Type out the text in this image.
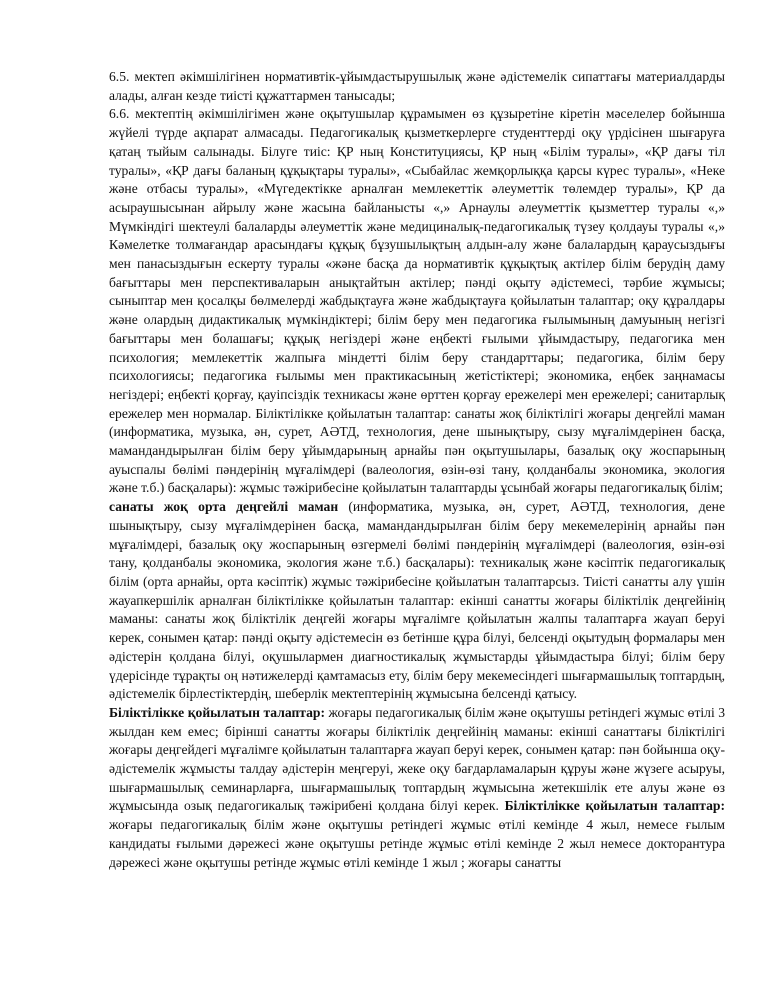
6.5. мектеп әкімшілігінен нормативтік-ұйымдастырушылық және әдістемелік сипаттағы материалдарды алады, алған кезде тиісті құжаттармен танысады;

6.6. мектептің әкімшілігімен және оқытушылар құрамымен өз құзыретіне кіретін мәселелер бойынша жүйелі түрде ақпарат алмасады. Педагогикалық қызметкерлерге студенттерді оқу үрдісінен шығаруға қатаң тыйым салынады. Білуге тиіс: ҚР ның Конституциясы, ҚР ның «Білім туралы», «ҚР дағы тіл туралы», «ҚР дағы баланың құқықтары туралы», «Сыбайлас жемқорлыққа қарсы күрес туралы», «Неке және отбасы туралы», «Мүгедектікке арналған мемлекеттік әлеуметтік төлемдер туралы», ҚР да асыраушысынан айрылу және жасына байланысты «,» Арнаулы әлеуметтік қызметтер туралы «,» Мүмкіндігі шектеулі балаларды әлеуметтік және медициналық-педагогикалық түзеу қолдауы туралы «,» Кәмелетке толмағандар арасындағы құқық бұзушылықтың алдын-алу және балалардың қараусыздығы мен панасыздығын ескерту туралы «және басқа да нормативтік құқықтық актілер білім берудің даму бағыттары мен перспективаларын анықтайтын актілер; пәнді оқыту әдістемесі, тәрбие жұмысы; сыныптар мен қосалқы бөлмелерді жабдықтауға және жабдықтауға қойылатын талаптар; оқу құралдары және олардың дидактикалық мүмкіндіктері; білім беру мен педагогика ғылымының дамуының негізгі бағыттары мен болашағы; құқық негіздері және еңбекті ғылыми ұйымдастыру, педагогика мен психология; мемлекеттік жалпыға міндетті білім беру стандарттары; педагогика, білім беру психологиясы; педагогика ғылымы мен практикасының жетістіктері; экономика, еңбек заңнамасы негіздері; еңбекті қорғау, қауіпсіздік техникасы және өрттен қорғау ережелері мен ережелері; санитарлық ережелер мен нормалар. Біліктілікке қойылатын талаптар: санаты жоқ біліктілігі жоғары деңгейлі маман (информатика, музыка, ән, сурет, АӘТД, технология, дене шынықтыру, сызу мұғалімдерінен басқа, мамандандырылған білім беру ұйымдарының арнайы пән оқытушылары, базалық оқу жоспарының ауыспалы бөлімі пәндерінің мұғалімдері (валеология, өзін-өзі тану, қолданбалы экономика, экология және т.б.) басқалары): жұмыс тәжірибесіне қойылатын талаптарды ұсынбай жоғары педагогикалық білім;

санаты жоқ орта деңгейлі маман (информатика, музыка, ән, сурет, АӘТД, технология, дене шынықтыру, сызу мұғалімдерінен басқа, мамандандырылған білім беру мекемелерінің арнайы пән мұғалімдері, базалық оқу жоспарының өзгермелі бөлімі пәндерінің мұғалімдері (валеология, өзін-өзі тану, қолданбалы экономика, экология және т.б.) басқалары): техникалық және кәсіптік педагогикалық білім (орта арнайы, орта кәсіптік) жұмыс тәжірибесіне қойылатын талаптарсыз. Тиісті санатты алу үшін жауапкершілік арналған біліктілікке қойылатын талаптар: екінші санатты жоғары біліктілік деңгейінің маманы: санаты жоқ біліктілік деңгейі жоғары мұғалімге қойылатын жалпы талаптарға жауап беруі керек, сонымен қатар: пәнді оқыту әдістемесін өз бетінше құра білуі, белсенді оқытудың формалары мен әдістерін қолдана білуі, оқушылармен диагностикалық жұмыстарды ұйымдастыра білуі; білім беру үдерісінде тұрақты оң нәтижелерді қамтамасыз ету, білім беру мекемесіндегі шығармашылық топтардың, әдістемелік бірлестіктердің, шеберлік мектептерінің жұмысына белсенді қатысу.

Біліктілікке қойылатын талаптар: жоғары педагогикалық білім және оқытушы ретіндегі жұмыс өтілі 3 жылдан кем емес; бірінші санатты жоғары біліктілік деңгейінің маманы: екінші санаттағы біліктілігі жоғары деңгейдегі мұғалімге қойылатын талаптарға жауап беруі керек, сонымен қатар: пән бойынша оқу-әдістемелік жұмысты талдау әдістерін меңгеруі, жеке оқу бағдарламаларын құруы және жүзеге асыруы, шығармашылық семинарларға, шығармашылық топтардың жұмысына жетекшілік ете алуы және өз жұмысында озық педагогикалық тәжірибені қолдана білуі керек. Біліктілікке қойылатын талаптар: жоғары педагогикалық білім және оқытушы ретіндегі жұмыс өтілі кемінде 4 жыл, немесе ғылым кандидаты ғылыми дәрежесі және оқытушы ретінде жұмыс өтілі кемінде 2 жыл немесе докторантура дәрежесі және оқытушы ретінде жұмыс өтілі кемінде 1 жыл ; жоғары санатты
